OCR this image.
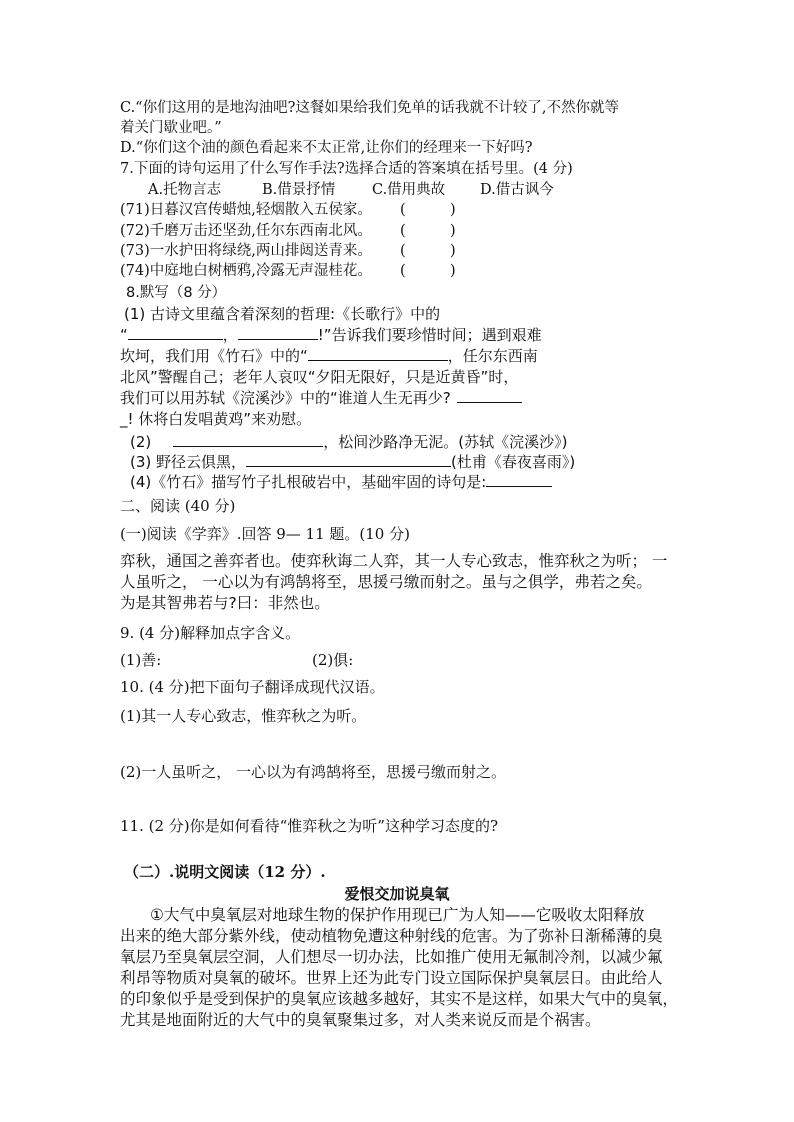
C.“你们这用的是地沟油吧?这餐如果给我们免单的话我就不计较了,不然你就等
着关门歇业吧。”
D.“你们这个油的颜色看起来不太正常,让你们的经理来一下好吗?
7.下面的诗句运用了什么写作手法?选择合适的答案填在括号里。(4 分)
A.托物言志	B.借景抒情	C.借用典故 D.借古讽今
(71)日暮汉宫传蜡烛,轻烟散入五侯家。 (	)
(72)千磨万击还坚劲,任尔东西南北风。 (	)
(73)一水护田将绿绕,两山排闼送青来。 (	)
(74)中庭地白树栖鸦,冷露无声湿桂花。 (	)
8.默写（8 分）
(1) 古诗文里蕴含着深刻的哲理:《长歌行》中的
“	，	!”告诉我们要珍惜时间；遇到艰难
坎坷，我们用《竹石》中的“	，任尔东西南
北风”警醒自己；老年人哀叹“夕阳无限好，只是近黄昏”时，
我们可以用苏轼《浣溪沙》中的“谁道人生无再少?
_! 休将白发唱黄鸡”来劝慰。
(2)	，松间沙路净无泥。(苏轼《浣溪沙》)
(3) 野径云俱黑，	(杜甫《春夜喜雨》)
(4)《竹石》描写竹子扎根破岩中，基础牢固的诗句是:
二、阅读 (40 分)
(一)阅读《学弈》.回答 9— 11 题。(10 分)
弈秋，通国之善弈者也。使弈秋诲二人弈，其一人专心致志，惟弈秋之为听； 一
人虽听之， 一心以为有鸿鹄将至，思援弓缴而射之。虽与之俱学，弗若之矣。
为是其智弗若与?曰：非然也。
9. (4 分)解释加点字含义。
(1)善:	(2)俱:
10. (4 分)把下面句子翻译成现代汉语。
(1)其一人专心致志，惟弈秋之为听。
(2)一人虽听之， 一心以为有鸿鹄将至，思援弓缴而射之。
11. (2 分)你是如何看待“惟弈秋之为听”这种学习态度的?
（二）.说明文阅读（12 分）.
爱恨交加说臭氧
①大气中臭氧层对地球生物的保护作用现已广为人知——它吸收太阳释放
出来的绝大部分紫外线，使动植物免遭这种射线的危害。为了弥补日渐稀薄的臭
氧层乃至臭氧层空洞，人们想尽一切办法，比如推广使用无氟制冷剂，以减少氟
利昂等物质对臭氧的破坏。世界上还为此专门设立国际保护臭氧层日。由此给人
的印象似乎是受到保护的臭氧应该越多越好，其实不是这样，如果大气中的臭氧，
尤其是地面附近的大气中的臭氧聚集过多，对人类来说反而是个祸害。
